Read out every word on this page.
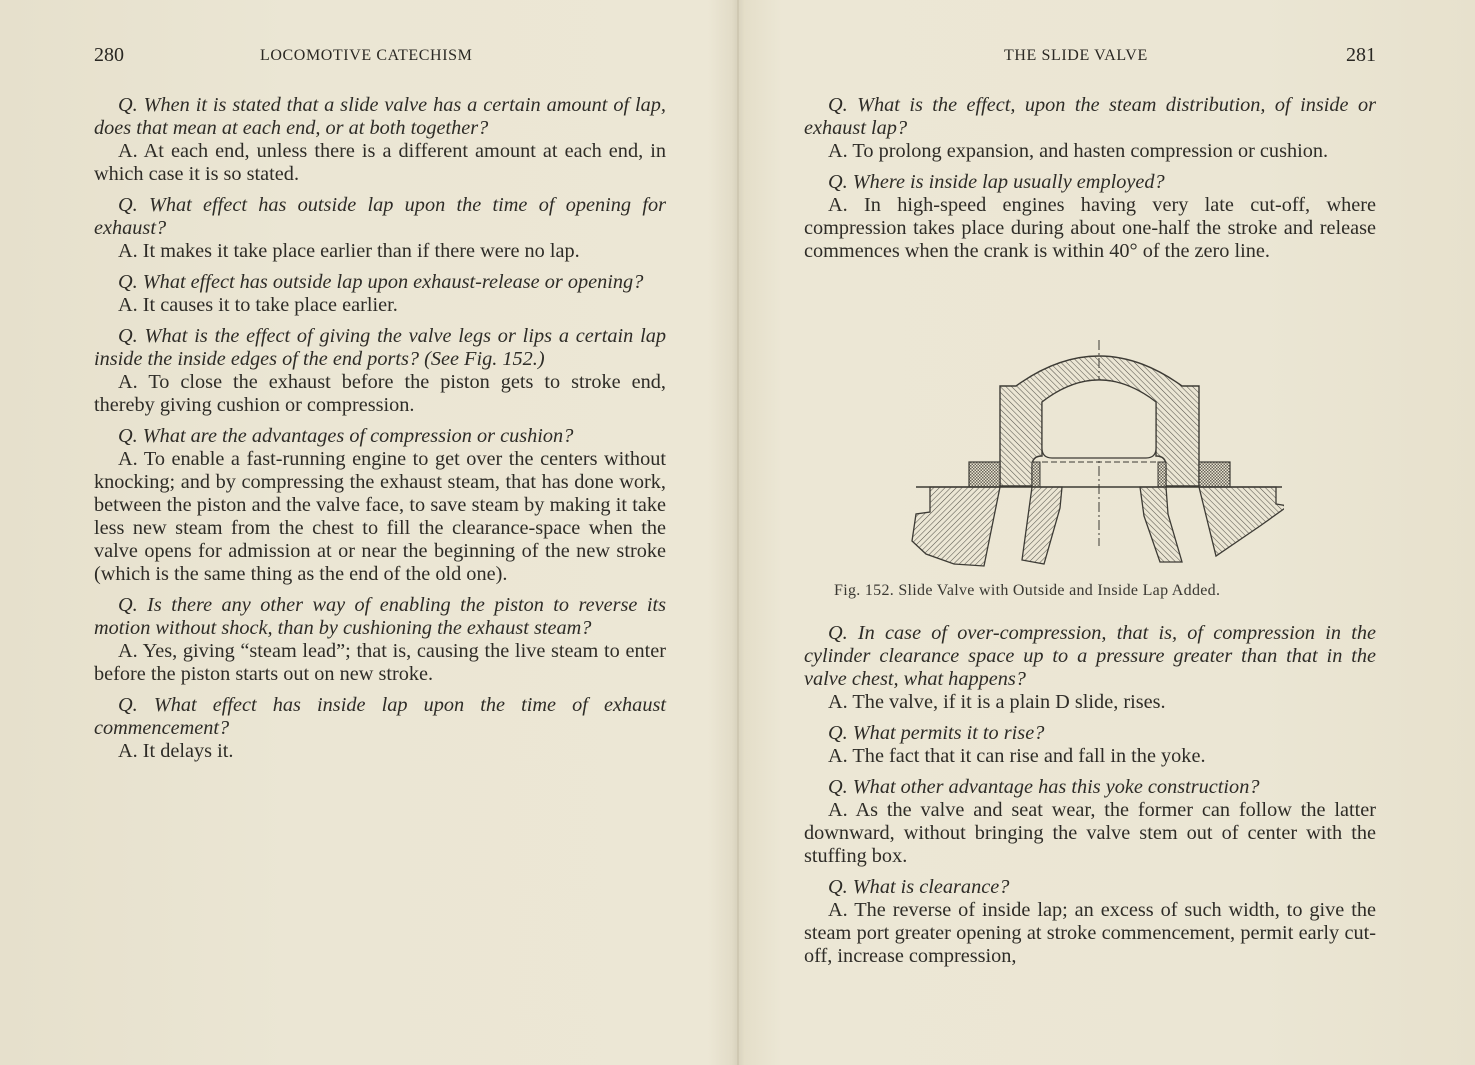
280	LOCOMOTIVE CATECHISM

Q. When it is stated that a slide valve has a certain amount of lap, does that mean at each end, or at both together?

A. At each end, unless there is a different amount at each end, in which case it is so stated.

Q. What effect has outside lap upon the time of opening for exhaust?

A. It makes it take place earlier than if there were no lap.

Q. What effect has outside lap upon exhaust-release or opening?

A. It causes it to take place earlier.

Q. What is the effect of giving the valve legs or lips a certain lap inside the inside edges of the end ports? (See Fig. 152.)

A. To close the exhaust before the piston gets to stroke end, thereby giving cushion or compression.

Q. What are the advantages of compression or cushion?

A. To enable a fast-running engine to get over the centers without knocking; and by compressing the exhaust steam, that has done work, between the piston and the valve face, to save steam by making it take less new steam from the chest to fill the clearance-space when the valve opens for admission at or near the beginning of the new stroke (which is the same thing as the end of the old one).

Q. Is there any other way of enabling the piston to reverse its motion without shock, than by cushioning the exhaust steam?

A. Yes, giving “steam lead”; that is, causing the live steam to enter before the piston starts out on new stroke.

Q. What effect has inside lap upon the time of exhaust commencement?

A. It delays it.

THE SLIDE VALVE	281

Q. What is the effect, upon the steam distribution, of inside or exhaust lap?

A. To prolong expansion, and hasten compression or cushion.

Q. Where is inside lap usually employed?

A. In high-speed engines having very late cut-off, where compression takes place during about one-half the stroke and release commences when the crank is within 40° of the zero line.

Fig. 152. Slide Valve with Outside and Inside Lap Added.

Q. In case of over-compression, that is, of compression in the cylinder clearance space up to a pressure greater than that in the valve chest, what happens?

A. The valve, if it is a plain D slide, rises.

Q. What permits it to rise?

A. The fact that it can rise and fall in the yoke.

Q. What other advantage has this yoke construction?

A. As the valve and seat wear, the former can follow the latter downward, without bringing the valve stem out of center with the stuffing box.

Q. What is clearance?

A. The reverse of inside lap; an excess of such width, to give the steam port greater opening at stroke commencement, permit early cut-off, increase compression,
